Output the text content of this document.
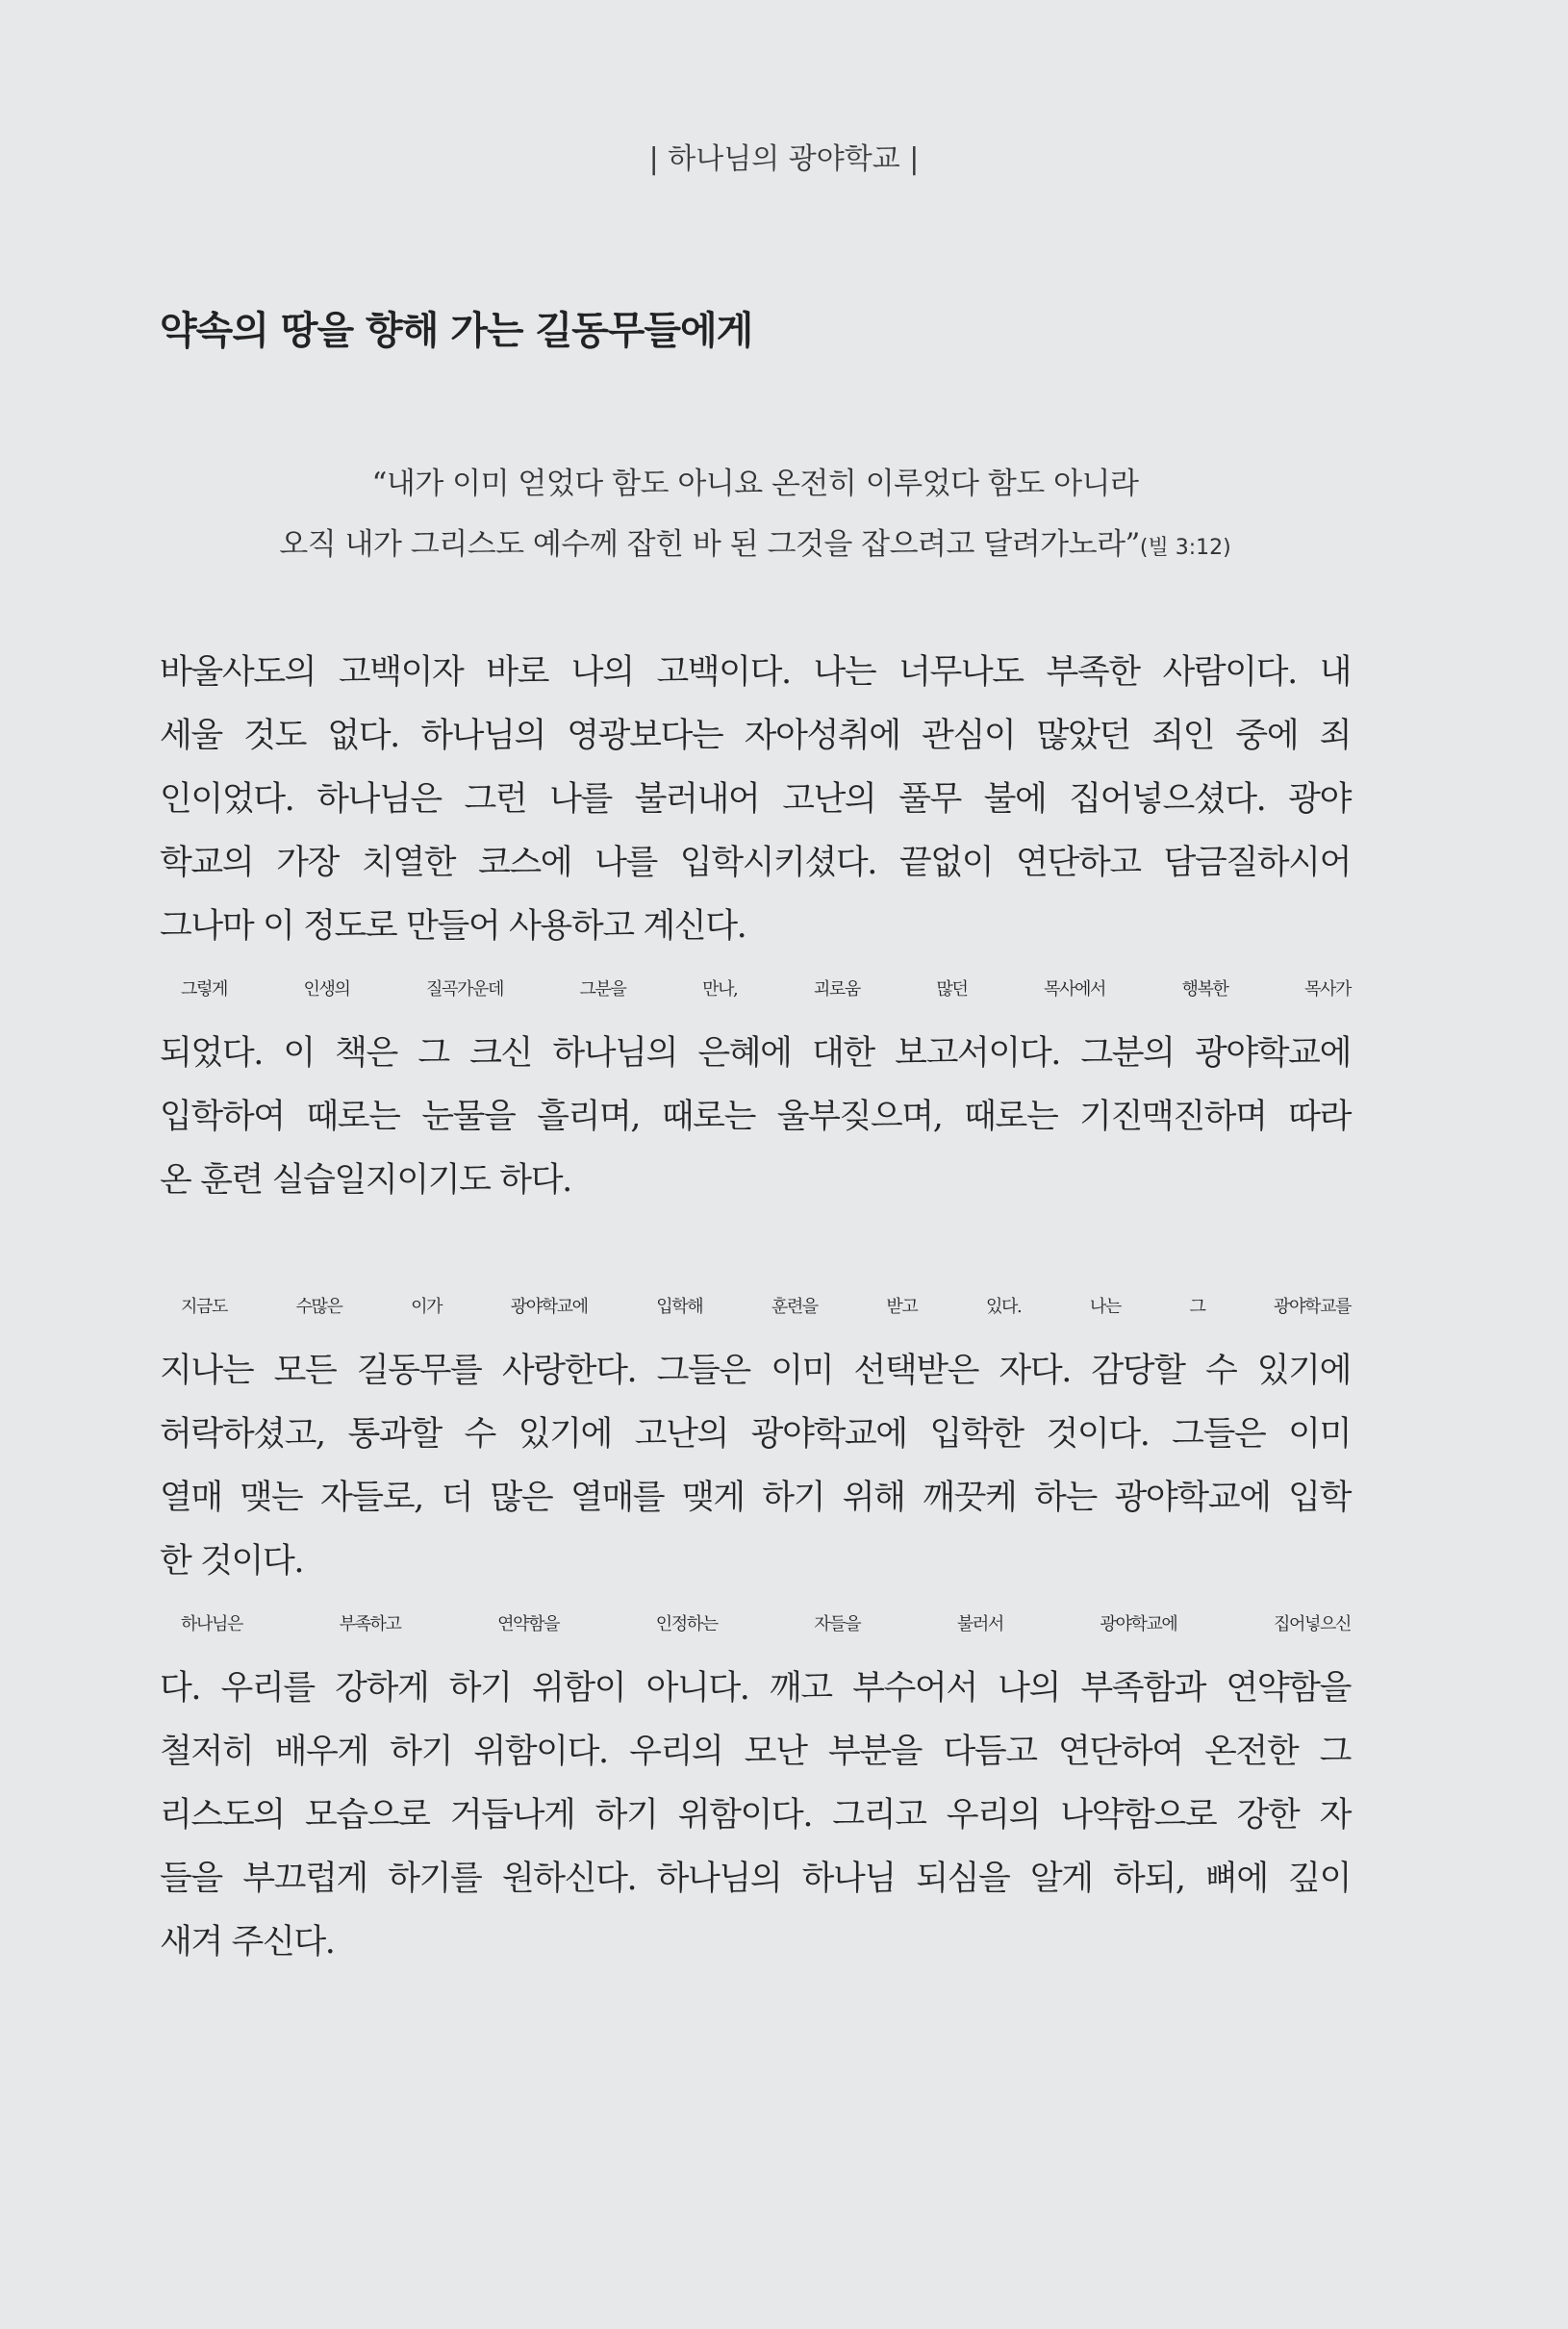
| 하나님의 광야학교 |
약속의 땅을 향해 가는 길동무들에게
“내가 이미 얻었다 함도 아니요 온전히 이루었다 함도 아니라
오직 내가 그리스도 예수께 잡힌 바 된 그것을 잡으려고 달려가노라”(빌 3:12)
바울사도의 고백이자 바로 나의 고백이다. 나는 너무나도 부족한 사람이다. 내
세울 것도 없다. 하나님의 영광보다는 자아성취에 관심이 많았던 죄인 중에 죄
인이었다. 하나님은 그런 나를 불러내어 고난의 풀무 불에 집어넣으셨다. 광야
학교의 가장 치열한 코스에 나를 입학시키셨다. 끝없이 연단하고 담금질하시어
그나마 이 정도로 만들어 사용하고 계신다.
그렇게 인생의 질곡가운데 그분을 만나, 괴로움 많던 목사에서 행복한 목사가
되었다. 이 책은 그 크신 하나님의 은혜에 대한 보고서이다. 그분의 광야학교에
입학하여 때로는 눈물을 흘리며, 때로는 울부짖으며, 때로는 기진맥진하며 따라
온 훈련 실습일지이기도 하다.
지금도 수많은 이가 광야학교에 입학해 훈련을 받고 있다. 나는 그 광야학교를
지나는 모든 길동무를 사랑한다. 그들은 이미 선택받은 자다. 감당할 수 있기에
허락하셨고, 통과할 수 있기에 고난의 광야학교에 입학한 것이다. 그들은 이미
열매 맺는 자들로, 더 많은 열매를 맺게 하기 위해 깨끗케 하는 광야학교에 입학
한 것이다.
하나님은 부족하고 연약함을 인정하는 자들을 불러서 광야학교에 집어넣으신
다. 우리를 강하게 하기 위함이 아니다. 깨고 부수어서 나의 부족함과 연약함을
철저히 배우게 하기 위함이다. 우리의 모난 부분을 다듬고 연단하여 온전한 그
리스도의 모습으로 거듭나게 하기 위함이다. 그리고 우리의 나약함으로 강한 자
들을 부끄럽게 하기를 원하신다. 하나님의 하나님 되심을 알게 하되, 뼈에 깊이
새겨 주신다.
